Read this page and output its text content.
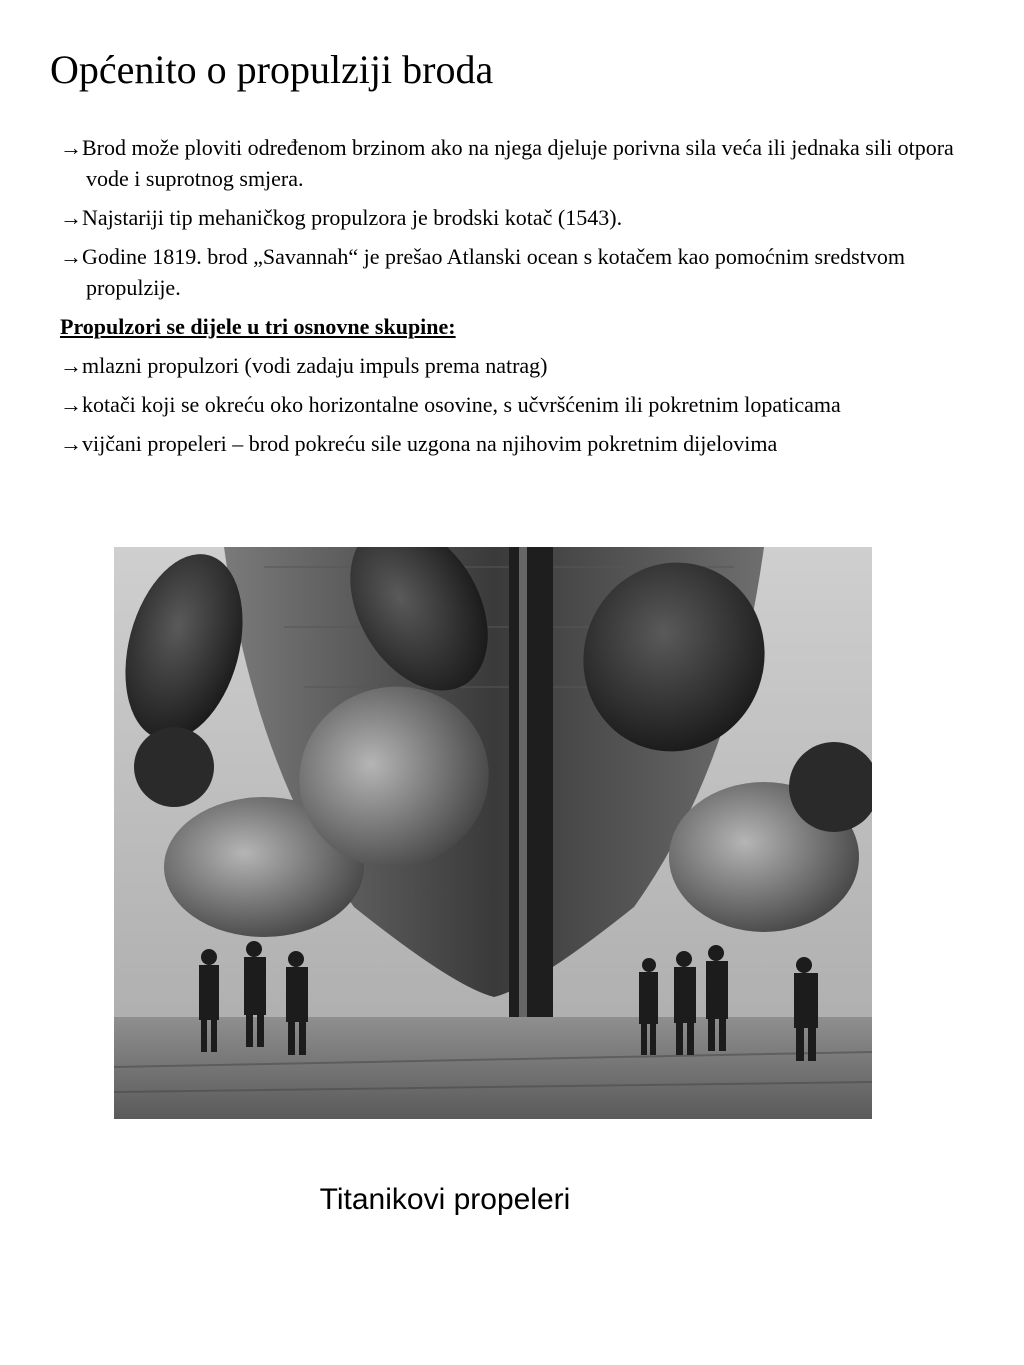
Općenito o propulziji broda

→Brod može ploviti određenom brzinom ako na njega djeluje porivna sila veća ili jednaka sili otpora vode i suprotnog smjera.

→Najstariji tip mehaničkog propulzora je brodski kotač (1543).

→Godine 1819. brod „Savannah“ je prešao Atlanski ocean s kotačem kao pomoćnim sredstvom propulzije.

Propulzori se dijele u tri osnovne skupine:

→mlazni propulzori (vodi zadaju impuls prema natrag)

→kotači koji se okreću oko horizontalne osovine, s učvršćenim ili pokretnim lopaticama

→vijčani propeleri – brod pokreću sile uzgona na njihovim pokretnim dijelovima

Titanikovi propeleri
